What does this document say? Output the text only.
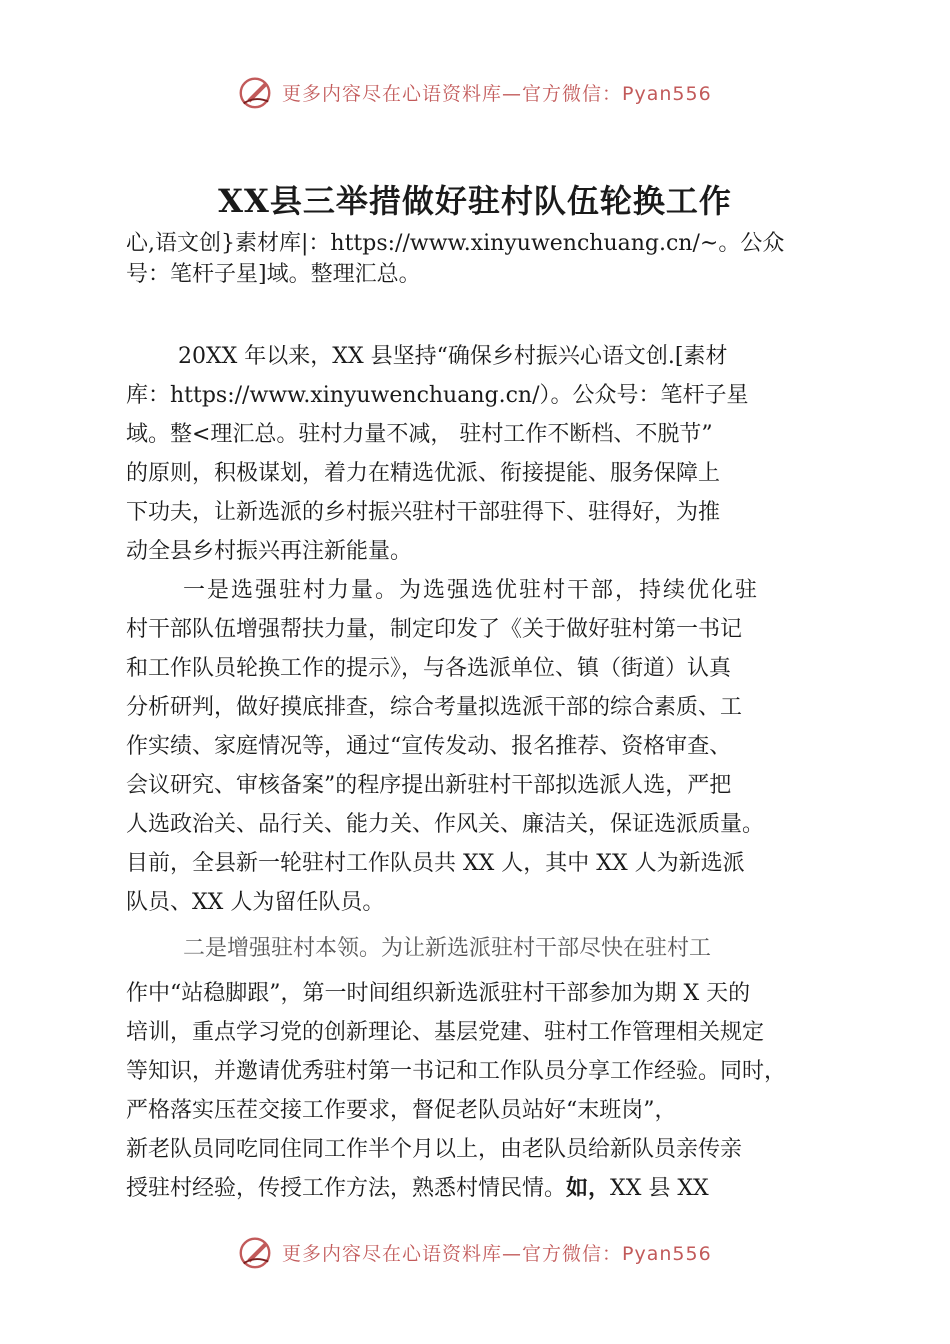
更多内容尽在心语资料库—官方微信：Pyan556
XX县三举措做好驻村队伍轮换工作
心,语文创}素材库|：https://www.xinyuwenchuang.cn/~。公众
号：笔杆子星]域。整理汇总。
20XX 年以来，XX 县坚持“确保乡村振兴心语文创.[素材
库：https://www.xinyuwenchuang.cn/）。公众号：笔杆子星
域。整<理汇总。驻村力量不减， 驻村工作不断档、不脱节”
的原则，积极谋划，着力在精选优派、衔接提能、服务保障上
下功夫，让新选派的乡村振兴驻村干部驻得下、驻得好，为推
动全县乡村振兴再注新能量。
一是选强驻村力量。为选强选优驻村干部，持续优化驻
村干部队伍增强帮扶力量，制定印发了《关于做好驻村第一书记
和工作队员轮换工作的提示》，与各选派单位、镇（街道）认真
分析研判，做好摸底排查，综合考量拟选派干部的综合素质、工
作实绩、家庭情况等，通过“宣传发动、报名推荐、资格审查、
会议研究、审核备案”的程序提出新驻村干部拟选派人选，严把
人选政治关、品行关、能力关、作风关、廉洁关，保证选派质量。
目前，全县新一轮驻村工作队员共 XX 人，其中 XX 人为新选派
队员、XX 人为留任队员。
二是增强驻村本领。为让新选派驻村干部尽快在驻村工
作中“站稳脚跟”，第一时间组织新选派驻村干部参加为期 X 天的
培训，重点学习党的创新理论、基层党建、驻村工作管理相关规定
等知识，并邀请优秀驻村第一书记和工作队员分享工作经验。同时，
严格落实压茬交接工作要求，督促老队员站好“末班岗”，
新老队员同吃同住同工作半个月以上，由老队员给新队员亲传亲
授驻村经验，传授工作方法，熟悉村情民情。如，XX 县 XX
更多内容尽在心语资料库—官方微信：Pyan556
